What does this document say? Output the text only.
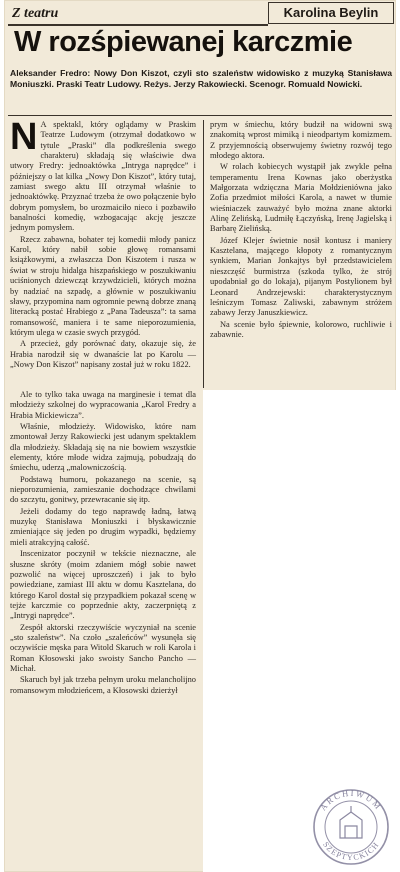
Z teatru	Karolina Beylin
W rozśpiewanej karczmie
Aleksander Fredro: Nowy Don Kiszot, czyli sto szaleństw widowisko z muzyką Stanisława Moniuszki. Praski Teatr Ludowy. Reżys. Jerzy Rakowiecki. Scenogr. Romuald Nowicki.

N A spektakl, który oglądamy w Praskim Teatrze Ludowym (otrzymał dodatkowo w tytule „Praski” dla podkreślenia swego charakteru) składają się właściwie dwa utwory Fredry: jednoaktówka „Intryga naprędce” i późniejszy o lat kilka „Nowy Don Kiszot”, który tutaj, zamiast swego aktu III otrzymał właśnie to jednoaktówkę. Przyznać trzeba że owo połączenie było dobrym pomysłem, bo urozmaiciło nieco i pozbawiło banalności komedię, wzbogacając akcję jeszcze jednym pomysłem.

Rzecz zabawna, bohater tej komedii młody panicz Karol, który nabił sobie głowę romansami książkowymi, a zwłaszcza Don Kiszotem i rusza w świat w stroju hidalga hiszpańskiego w poszukiwaniu uciśnionych dziewcząt krzywdzicieli, których można by nadziać na szpadę, a głównie w poszukiwaniu sławy, przypomina nam ogromnie pewną dobrze znaną literacką postać Hrabiego z „Pana Tadeusza”: ta sama romansowość, maniera i te same nieporozumienia, którym ulega w czasie swych przygód.

A przecież, gdy porównać daty, okazuje się, że Hrabia narodził się w dwanaście lat po Karolu — „Nowy Don Kiszot” napisany został już w roku 1822.

Ale to tylko taka uwaga na marginesie i temat dla młodzieży szkolnej do wypracowania „Karol Fredry a Hrabia Mickiewicza”.

Właśnie, młodzieży. Widowisko, które nam zmontował Jerzy Rakowiecki jest udanym spektaklem dla młodzieży. Składają się na nie bowiem wszystkie elementy, które młode widza zajmują, pobudzają do śmiechu, uderzą „malowniczością.

Podstawą humoru, pokazanego na scenie, są nieporozumienia, zamieszanie dochodzące chwilami do szczytu, gonitwy, przewracanie się itp.

Jeżeli dodamy do tego naprawdę ładną, łatwą muzykę Stanisława Moniuszki i błyskawicznie zmieniające się jeden po drugim wypadki, będziemy mieli atrakcyjną całość.

Inscenizator poczynił w tekście nieznaczne, ale słuszne skróty (moim zdaniem mógł sobie nawet pozwolić na więcej uproszczeń) i jak to było powiedziane, zamiast III aktu w domu Kasztelana, do którego Karol dostał się przypadkiem pokazał scenę w tejże karczmie co poprzednie akty, zaczerpniętą z „Intrygi naprędce”.

Zespół aktorski rzeczywiście wyczyniał na scenie „sto szaleństw”. Na czoło „szaleńców” wysunęła się oczywiście męska para Witold Skaruch w roli Karola i Roman Kłosowski jako swoisty Sancho Pancho — Michał.

Skaruch był jak trzeba pełnym uroku melancholijno romansowym młodzieńcem, a Kłosowski dzierżył

prym w śmiechu, który budził na widowni swą znakomitą wprost mimiką i nieodpartym komizmem. Z przyjemnością obserwujemy świetny rozwój tego młodego aktora.

W rolach kobiecych wystąpił jak zwykle pełna temperamentu Irena Kownas jako oberżystka Małgorzata wdzięczna Maria Mołdzieniówna jako Zofia przedmiot miłości Karola, a nawet w tłumie wieśniaczek zauważyć było można znane aktorki Alinę Zelińską, Ludmiłę Łączyńską, Irenę Jagielską i Barbarę Zielińską.

Józef Klejer świetnie nosił kontusz i maniery Kasztelana, mającego kłopoty z romantycznym synkiem, Marian Jonkajtys był przedstawicielem nieszczęść burmistrza (szkoda tylko, że strój upodabniał go do lokaja), pijanym Postylionem był Leonard Andrzejewski: charakterystycznym leśniczym Tomasz Zaliwski, zabawnym stróżem zabawy Jerzy Januszkiewicz.

Na scenie było śpiewnie, kolorowo, ruchliwie i zabawnie.

ARCHIWUM
SZEPTYCKICH
